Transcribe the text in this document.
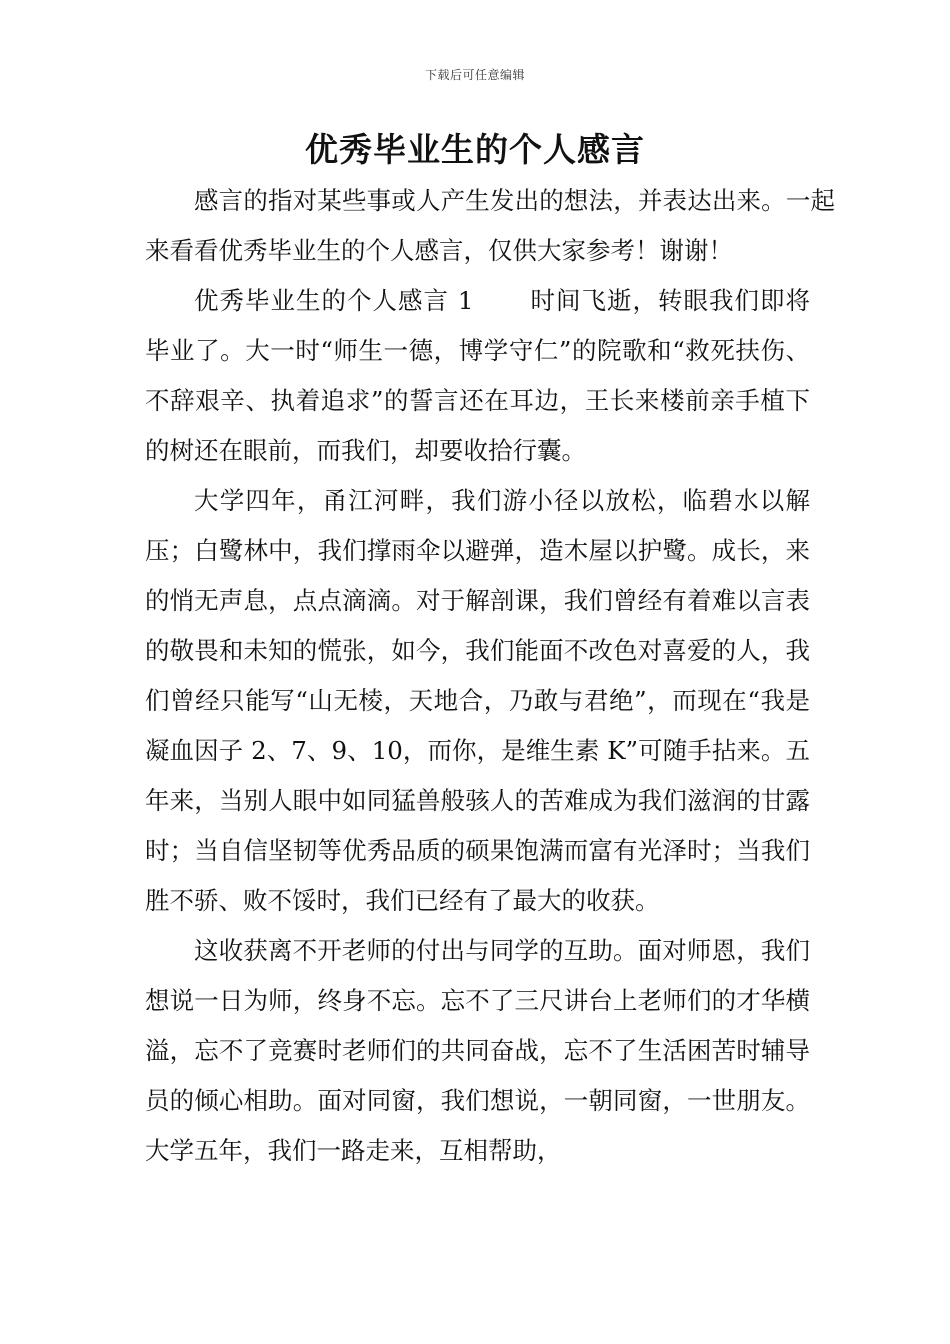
下载后可任意编辑
优秀毕业生的个人感言

感言的指对某些事或人产生发出的想法，并表达出来。一起来看看优秀毕业生的个人感言，仅供大家参考！谢谢！

优秀毕业生的个人感言 1 时间飞逝，转眼我们即将毕业了。大一时“师生一德，博学守仁”的院歌和“救死扶伤、不辞艰辛、执着追求”的誓言还在耳边，王长来楼前亲手植下的树还在眼前，而我们，却要收拾行囊。

大学四年，甬江河畔，我们游小径以放松，临碧水以解压；白鹭林中，我们撑雨伞以避弹，造木屋以护鹭。成长，来的悄无声息，点点滴滴。对于解剖课，我们曾经有着难以言表的敬畏和未知的慌张，如今，我们能面不改色对喜爱的人，我们曾经只能写“山无棱，天地合，乃敢与君绝”，而现在“我是凝血因子 2、7、9、10，而你，是维生素 K”可随手拈来。五年来，当别人眼中如同猛兽般骇人的苦难成为我们滋润的甘露时；当自信坚韧等优秀品质的硕果饱满而富有光泽时；当我们胜不骄、败不馁时，我们已经有了最大的收获。

这收获离不开老师的付出与同学的互助。面对师恩，我们想说一日为师，终身不忘。忘不了三尺讲台上老师们的才华横溢，忘不了竞赛时老师们的共同奋战，忘不了生活困苦时辅导员的倾心相助。面对同窗，我们想说，一朝同窗，一世朋友。大学五年，我们一路走来，互相帮助，
